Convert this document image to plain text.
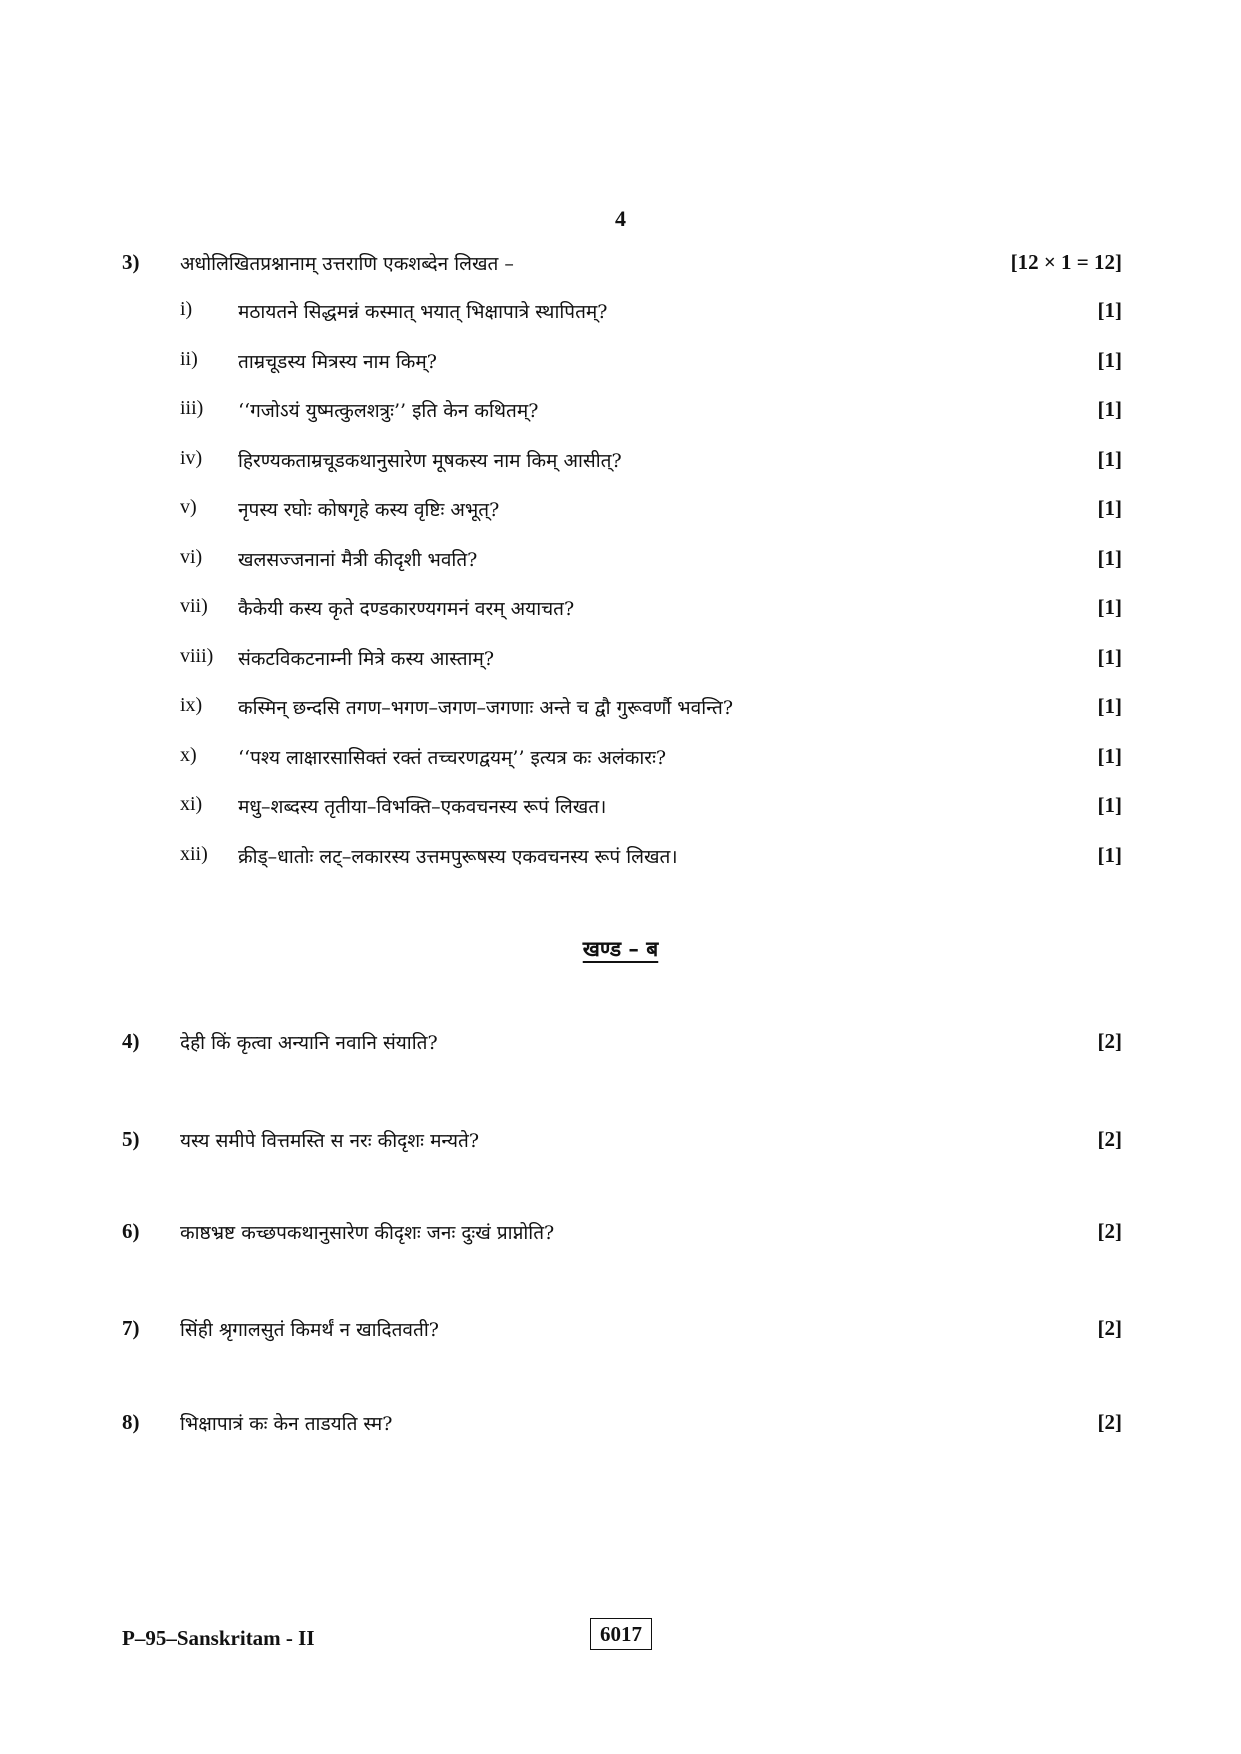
4
3) अधोलिखितप्रश्नानाम् उत्तराणि एकशब्देन लिखत –	[12 × 1 = 12]
i) मठायतने सिद्धमन्नं कस्मात् भयात् भिक्षापात्रे स्थापितम्?	[1]
ii) ताम्रचूडस्य मित्रस्य नाम किम्?	[1]
iii) ‘‘गजोऽयं युष्मत्कुलशत्रुः’’ इति केन कथितम्?	[1]
iv) हिरण्यकताम्रचूडकथानुसारेण मूषकस्य नाम किम् आसीत्?	[1]
v) नृपस्य रघोः कोषगृहे कस्य वृष्टिः अभूत्?	[1]
vi) खलसज्जनानां मैत्री कीदृशी भवति?	[1]
vii) कैकेयी कस्य कृते दण्डकारण्यगमनं वरम् अयाचत?	[1]
viii) संकटविकटनाम्नी मित्रे कस्य आस्ताम्?	[1]
ix) कस्मिन् छन्दसि तगण–भगण–जगण–जगणाः अन्ते च द्वौ गुरूवर्णौ भवन्ति?	[1]
x) ‘‘पश्य लाक्षारसासिक्तं रक्तं तच्चरणद्वयम्’’ इत्यत्र कः अलंकारः?	[1]
xi) मधु–शब्दस्य तृतीया–विभक्ति–एकवचनस्य रूपं लिखत।	[1]
xii) क्रीड्–धातोः लट्–लकारस्य उत्तमपुरूषस्य एकवचनस्य रूपं लिखत।	[1]
खण्ड – ब
4) देही किं कृत्वा अन्यानि नवानि संयाति?	[2]
5) यस्य समीपे वित्तमस्ति स नरः कीदृशः मन्यते?	[2]
6) काष्ठभ्रष्ट कच्छपकथानुसारेण कीदृशः जनः दुःखं प्राप्नोति?	[2]
7) सिंही श्रृगालसुतं किमर्थं न खादितवती?	[2]
8) भिक्षापात्रं कः केन ताडयति स्म?	[2]
P–95–Sanskritam - II	6017
